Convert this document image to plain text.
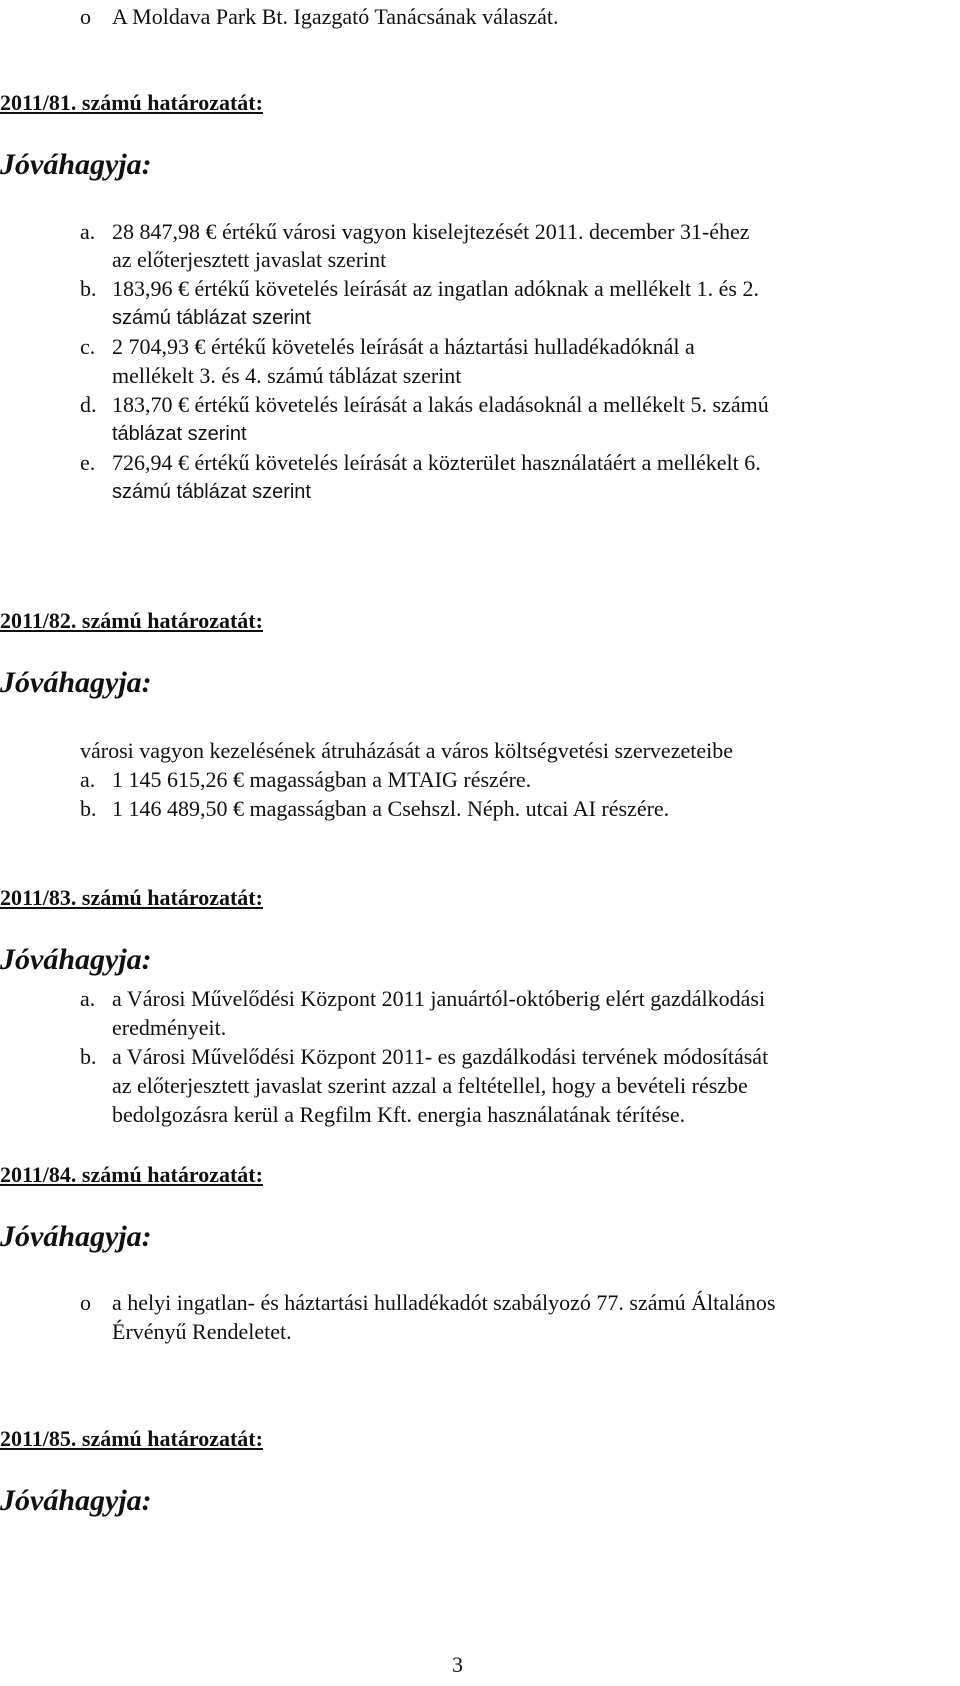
o A Moldava Park Bt. Igazgató Tanácsának válaszát.
2011/81. számú határozatát:
Jóváhagyja:
a. 28 847,98 € értékű városi vagyon kiselejtezését 2011. december 31-éhez
az előterjesztett javaslat szerint
b. 183,96 € értékű követelés leírását az ingatlan adóknak a mellékelt 1. és 2.
számú táblázat szerint
c. 2 704,93 € értékű követelés leírását a háztartási hulladékadóknál a
mellékelt 3. és 4. számú táblázat szerint
d. 183,70 € értékű követelés leírását a lakás eladásoknál a mellékelt 5. számú
táblázat szerint
e. 726,94 € értékű követelés leírását a közterület használatáért a mellékelt 6.
számú táblázat szerint
2011/82. számú határozatát:
Jóváhagyja:
városi vagyon kezelésének átruházását a város költségvetési szervezeteibe
a. 1 145 615,26 € magasságban a MTAIG részére.
b. 1 146 489,50 € magasságban a Csehszl. Néph. utcai AI részére.
2011/83. számú határozatát:
Jóváhagyja:
a. a Városi Művelődési Központ 2011 januártól-októberig elért gazdálkodási
eredményeit.
b. a Városi Művelődési Központ 2011- es gazdálkodási tervének módosítását
az előterjesztett javaslat szerint azzal a feltétellel, hogy a bevételi részbe
bedolgozásra kerül a Regfilm Kft. energia használatának térítése.
2011/84. számú határozatát:
Jóváhagyja:
o a helyi ingatlan- és háztartási hulladékadót szabályozó 77. számú Általános
Érvényű Rendeletet.
2011/85. számú határozatát:
Jóváhagyja:
3
